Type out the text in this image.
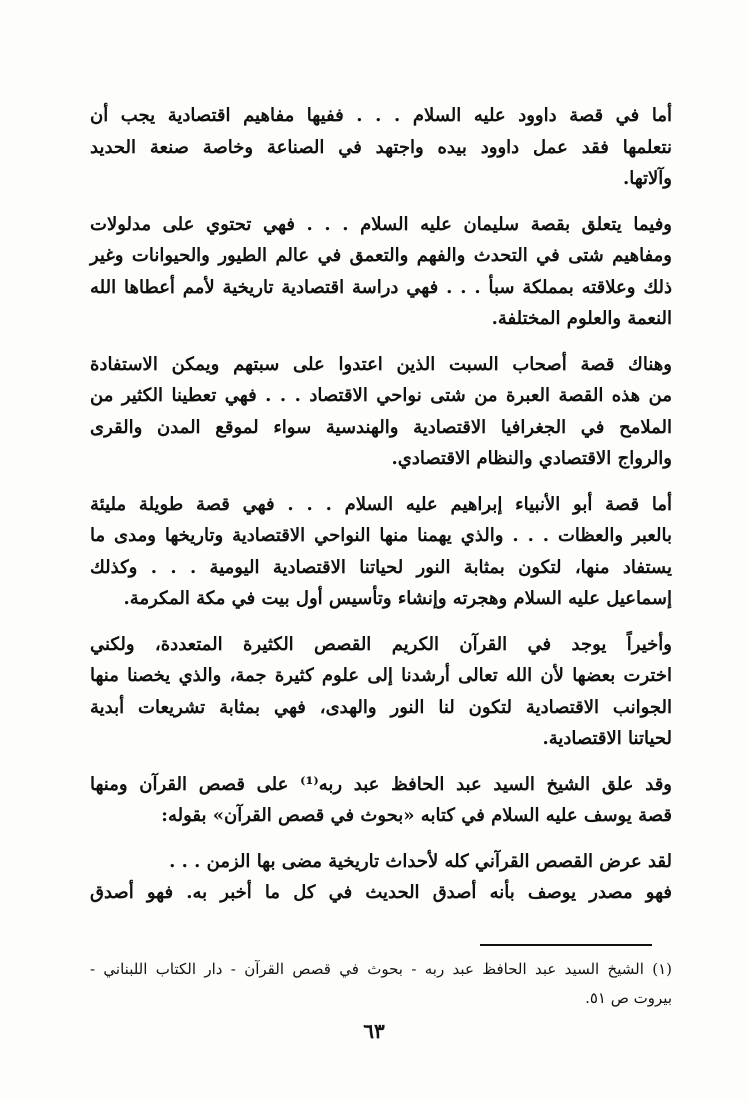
أما في قصة داوود عليه السلام . . . ففيها مفاهيم اقتصادية يجب أن
نتعلمها فقد عمل داوود بيده واجتهد في الصناعة وخاصة صنعة الحديد
وآلاتها.
وفيما يتعلق بقصة سليمان عليه السلام . . . فهي تحتوي على مدلولات
ومفاهيم شتى في التحدث والفهم والتعمق في عالم الطيور والحيوانات وغير
ذلك وعلاقته بمملكة سبأ . . . فهي دراسة اقتصادية تاريخية لأمم أعطاها الله
النعمة والعلوم المختلفة.
وهناك قصة أصحاب السبت الذين اعتدوا على سبتهم ويمكن الاستفادة
من هذه القصة العبرة من شتى نواحي الاقتصاد . . . فهي تعطينا الكثير من
الملامح في الجغرافيا الاقتصادية والهندسية سواء لموقع المدن والقرى
والرواج الاقتصادي والنظام الاقتصادي.
أما قصة أبو الأنبياء إبراهيم عليه السلام . . . فهي قصة طويلة مليئة
بالعبر والعظات . . . والذي يهمنا منها النواحي الاقتصادية وتاريخها ومدى ما
يستفاد منها، لتكون بمثابة النور لحياتنا الاقتصادية اليومية . . . وكذلك
إسماعيل عليه السلام وهجرته وإنشاء وتأسيس أول بيت في مكة المكرمة.
وأخيراً يوجد في القرآن الكريم القصص الكثيرة المتعددة، ولكني
اخترت بعضها لأن الله تعالى أرشدنا إلى علوم كثيرة جمة، والذي يخصنا منها
الجوانب الاقتصادية لتكون لنا النور والهدى، فهي بمثابة تشريعات أبدية
لحياتنا الاقتصادية.
وقد علق الشيخ السيد عبد الحافظ عبد ربه⁽¹⁾ على قصص القرآن ومنها
قصة يوسف عليه السلام في كتابه «بحوث في قصص القرآن» بقوله:
لقد عرض القصص القرآني كله لأحداث تاريخية مضى بها الزمن . . .
فهو مصدر يوصف بأنه أصدق الحديث في كل ما أخبر به. فهو أصدق
(١) الشيخ السيد عبد الحافظ عبد ربه - بحوث في قصص القرآن - دار الكتاب اللبناني -
بيروت ص ٥١.
٦٣
